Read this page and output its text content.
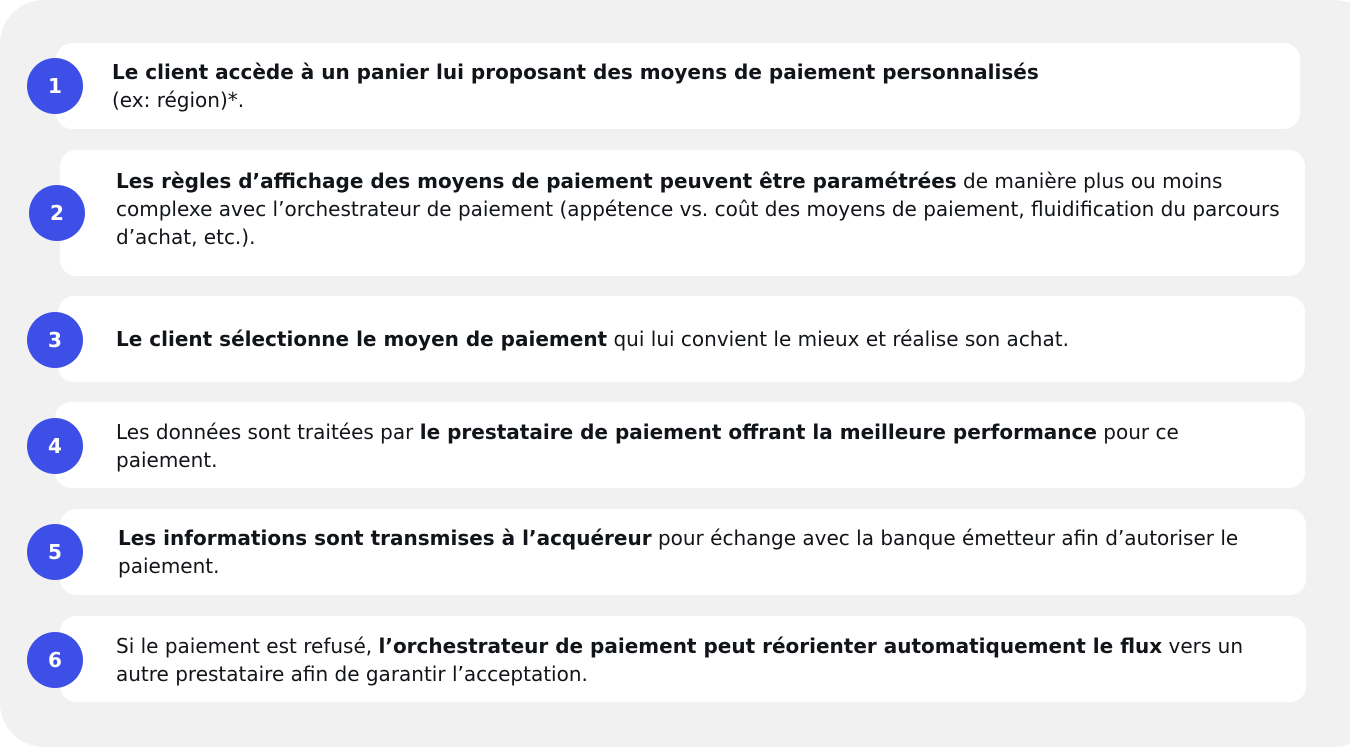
1
Le client accède à un panier lui proposant des moyens de paiement personnalisés
(ex: région)*.
2
Les règles d’affichage des moyens de paiement peuvent être paramétrées de manière plus ou moins complexe avec l’orchestrateur de paiement (appétence vs. coût des moyens de paiement, fluidification du parcours d’achat, etc.).
3	Le client sélectionne le moyen de paiement qui lui convient le mieux et réalise son achat.
4
Les données sont traitées par le prestataire de paiement offrant la meilleure performance pour ce paiement.
5
Les informations sont transmises à l’acquéreur pour échange avec la banque émetteur afin d’autoriser le paiement.
6
Si le paiement est refusé, l’orchestrateur de paiement peut réorienter automatiquement le flux vers un autre prestataire afin de garantir l’acceptation.
